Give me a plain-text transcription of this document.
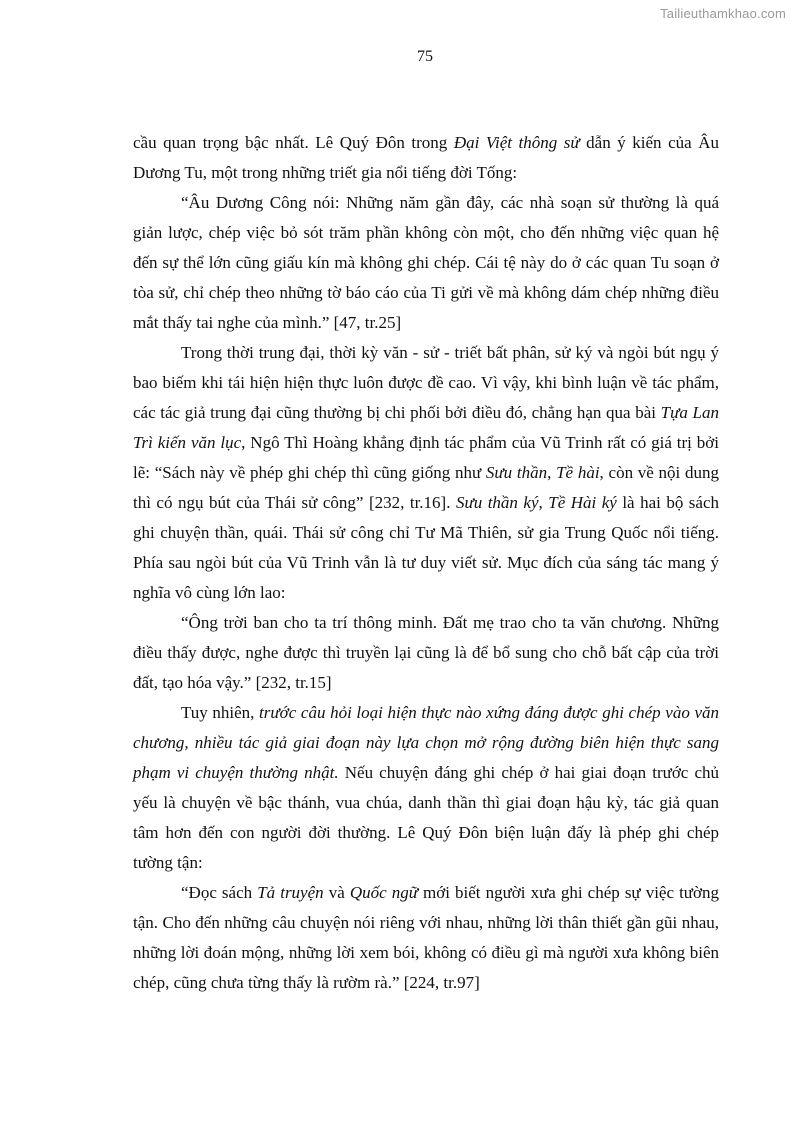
Tailieuthamkhao.com
75

cầu quan trọng bậc nhất. Lê Quý Đôn trong Đại Việt thông sử dẫn ý kiến của Âu Dương Tu, một trong những triết gia nổi tiếng đời Tống:

“Âu Dương Công nói: Những năm gần đây, các nhà soạn sử thường là quá giản lược, chép việc bỏ sót trăm phần không còn một, cho đến những việc quan hệ đến sự thể lớn cũng giấu kín mà không ghi chép. Cái tệ này do ở các quan Tu soạn ở tòa sử, chỉ chép theo những tờ báo cáo của Ti gửi về mà không dám chép những điều mắt thấy tai nghe của mình.” [47, tr.25]

Trong thời trung đại, thời kỳ văn - sử - triết bất phân, sử ký và ngòi bút ngụ ý bao biếm khi tái hiện hiện thực luôn được đề cao. Vì vậy, khi bình luận về tác phẩm, các tác giả trung đại cũng thường bị chi phối bởi điều đó, chẳng hạn qua bài Tựa Lan Trì kiến văn lục, Ngô Thì Hoàng khẳng định tác phẩm của Vũ Trinh rất có giá trị bởi lẽ: “Sách này về phép ghi chép thì cũng giống như Sưu thần, Tề hài, còn về nội dung thì có ngụ bút của Thái sử công” [232, tr.16]. Sưu thần ký, Tề Hài ký là hai bộ sách ghi chuyện thần, quái. Thái sử công chỉ Tư Mã Thiên, sử gia Trung Quốc nổi tiếng. Phía sau ngòi bút của Vũ Trinh vẫn là tư duy viết sử. Mục đích của sáng tác mang ý nghĩa vô cùng lớn lao:

“Ông trời ban cho ta trí thông minh. Đất mẹ trao cho ta văn chương. Những điều thấy được, nghe được thì truyền lại cũng là để bổ sung cho chỗ bất cập của trời đất, tạo hóa vậy.” [232, tr.15]

Tuy nhiên, trước câu hỏi loại hiện thực nào xứng đáng được ghi chép vào văn chương, nhiều tác giả giai đoạn này lựa chọn mở rộng đường biên hiện thực sang phạm vi chuyện thường nhật. Nếu chuyện đáng ghi chép ở hai giai đoạn trước chủ yếu là chuyện về bậc thánh, vua chúa, danh thần thì giai đoạn hậu kỳ, tác giả quan tâm hơn đến con người đời thường. Lê Quý Đôn biện luận đấy là phép ghi chép tường tận:

“Đọc sách Tả truyện và Quốc ngữ mới biết người xưa ghi chép sự việc tường tận. Cho đến những câu chuyện nói riêng với nhau, những lời thân thiết gần gũi nhau, những lời đoán mộng, những lời xem bói, không có điều gì mà người xưa không biên chép, cũng chưa từng thấy là rườm rà.” [224, tr.97]
